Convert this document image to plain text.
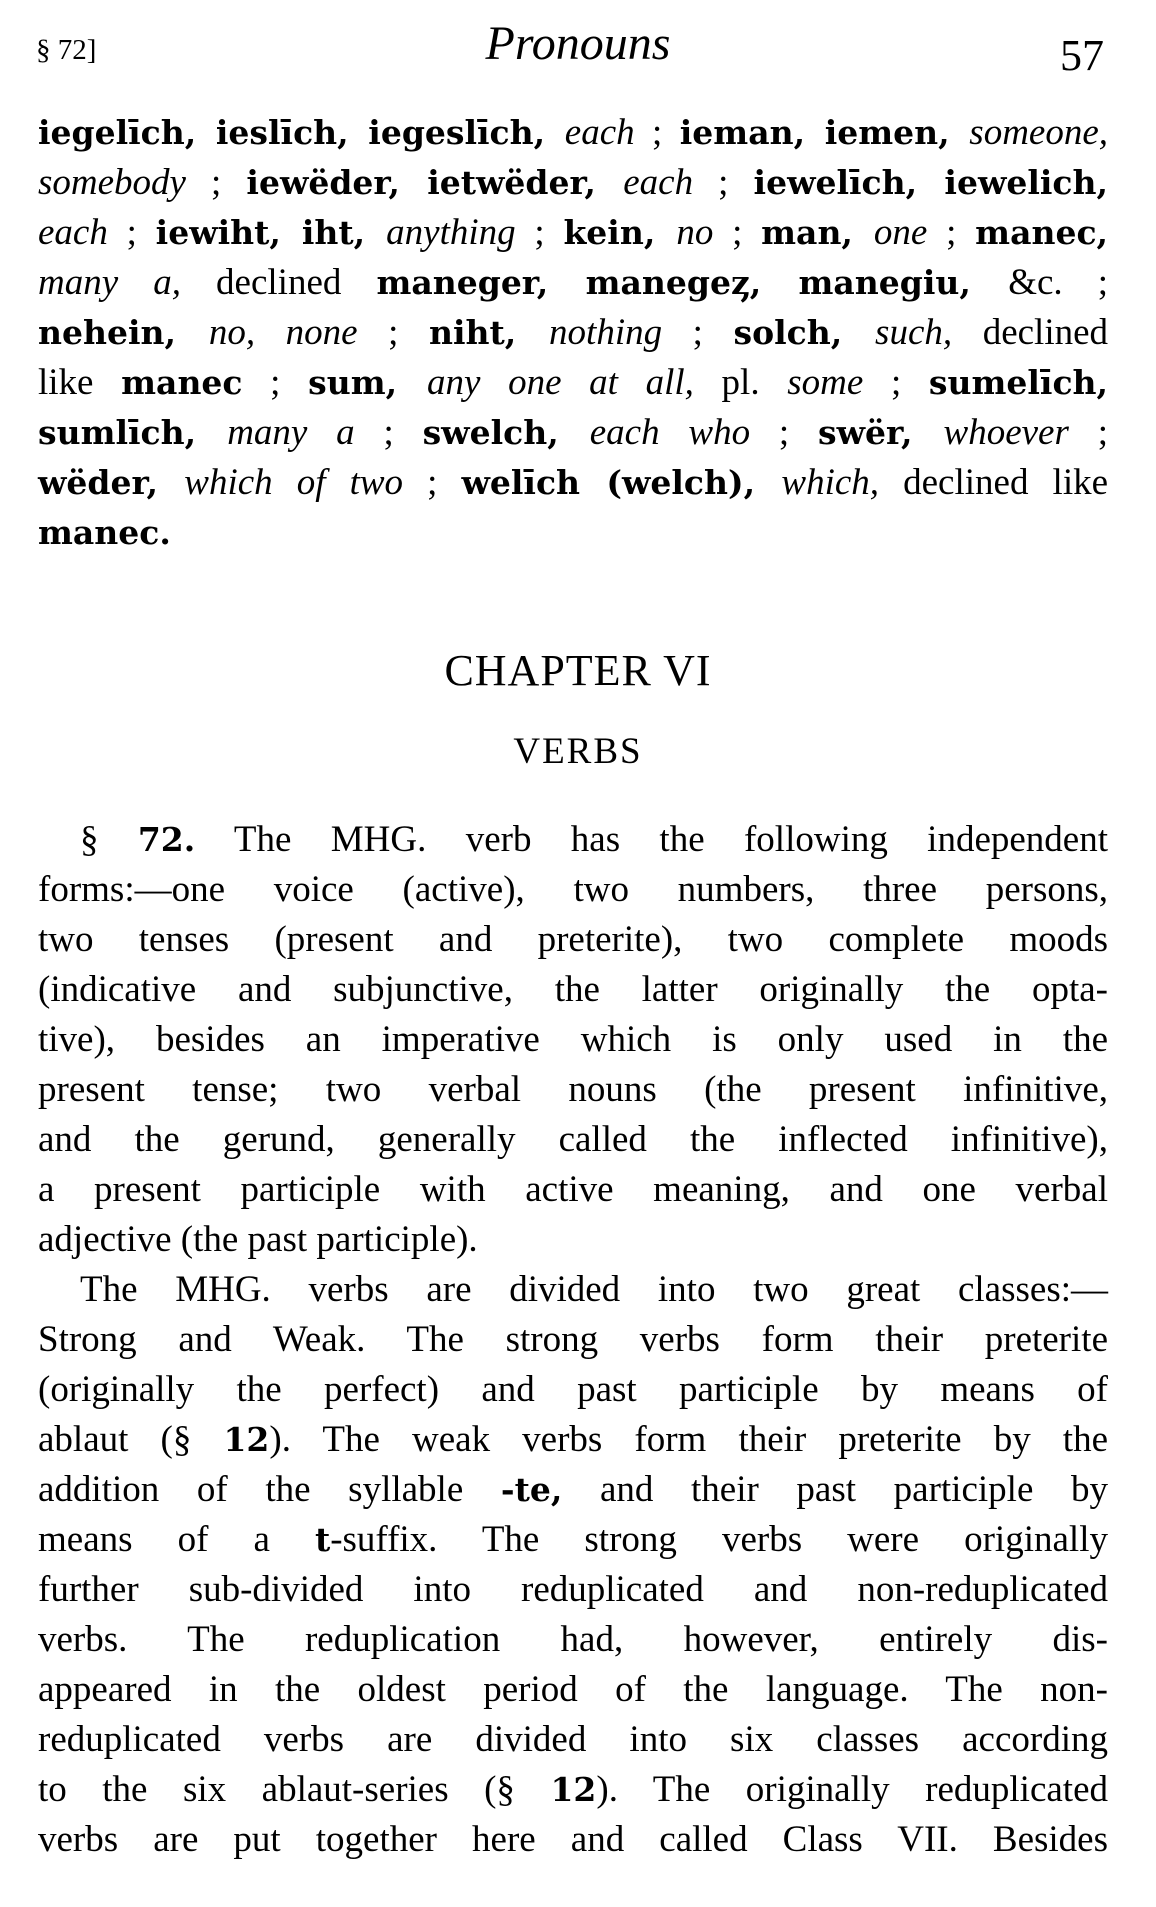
§ 72]	Pronouns	57
iegelīch, ieslīch, iegeslīch, each ; ieman, iemen, someone,
somebody ; iewëder, ietwëder, each ; iewelīch, iewelich,
each ; iewiht, iht, anything ; kein, no ; man, one ; manec,
many a, declined maneger, manegeȥ, manegiu, &c. ;
nehein, no, none ; niht, nothing ; solch, such, declined
like manec ; sum, any one at all, pl. some ; sumelīch,
sumlīch, many a ; swelch, each who ; swër, whoever ;
wëder, which of two ; welīch (welch), which, declined like
manec.
CHAPTER VI
VERBS
§ 72. The MHG. verb has the following independent
forms:—one voice (active), two numbers, three persons,
two tenses (present and preterite), two complete moods
(indicative and subjunctive, the latter originally the opta-
tive), besides an imperative which is only used in the
present tense; two verbal nouns (the present infinitive,
and the gerund, generally called the inflected infinitive),
a present participle with active meaning, and one verbal
adjective (the past participle).
The MHG. verbs are divided into two great classes:—
Strong and Weak. The strong verbs form their preterite
(originally the perfect) and past participle by means of
ablaut (§ 12). The weak verbs form their preterite by the
addition of the syllable -te, and their past participle by
means of a t-suffix. The strong verbs were originally
further sub-divided into reduplicated and non-reduplicated
verbs. The reduplication had, however, entirely dis-
appeared in the oldest period of the language. The non-
reduplicated verbs are divided into six classes according
to the six ablaut-series (§ 12). The originally reduplicated
verbs are put together here and called Class VII. Besides
